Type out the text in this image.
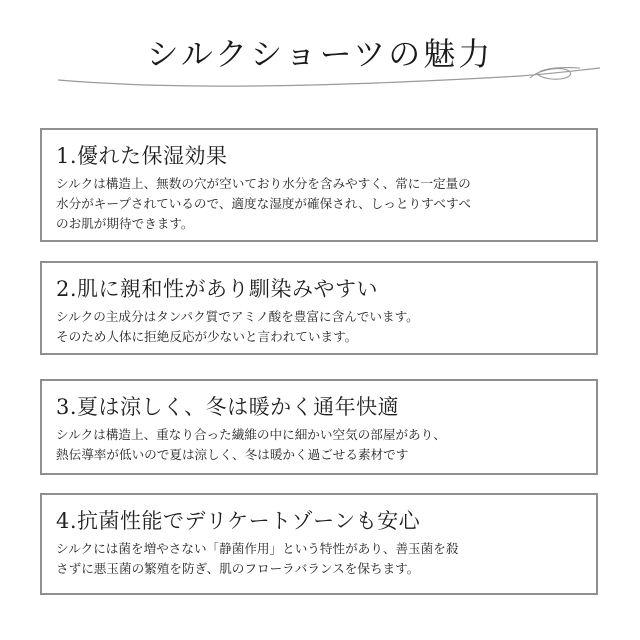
シルクショーツの魅力
1.優れた保湿効果
シルクは構造上、無数の穴が空いており水分を含みやすく、常に一定量の
水分がキープされているので、適度な湿度が確保され、しっとりすべすべ
のお肌が期待できます。
2.肌に親和性があり馴染みやすい
シルクの主成分はタンパク質でアミノ酸を豊富に含んでいます。
そのため人体に拒絶反応が少ないと言われています。
3.夏は涼しく、冬は暖かく通年快適
シルクは構造上、重なり合った繊維の中に細かい空気の部屋があり、
熱伝導率が低いので夏は涼しく、冬は暖かく過ごせる素材です
4.抗菌性能でデリケートゾーンも安心
シルクには菌を増やさない「静菌作用」という特性があり、善玉菌を殺
さずに悪玉菌の繁殖を防ぎ、肌のフローラバランスを保ちます。
